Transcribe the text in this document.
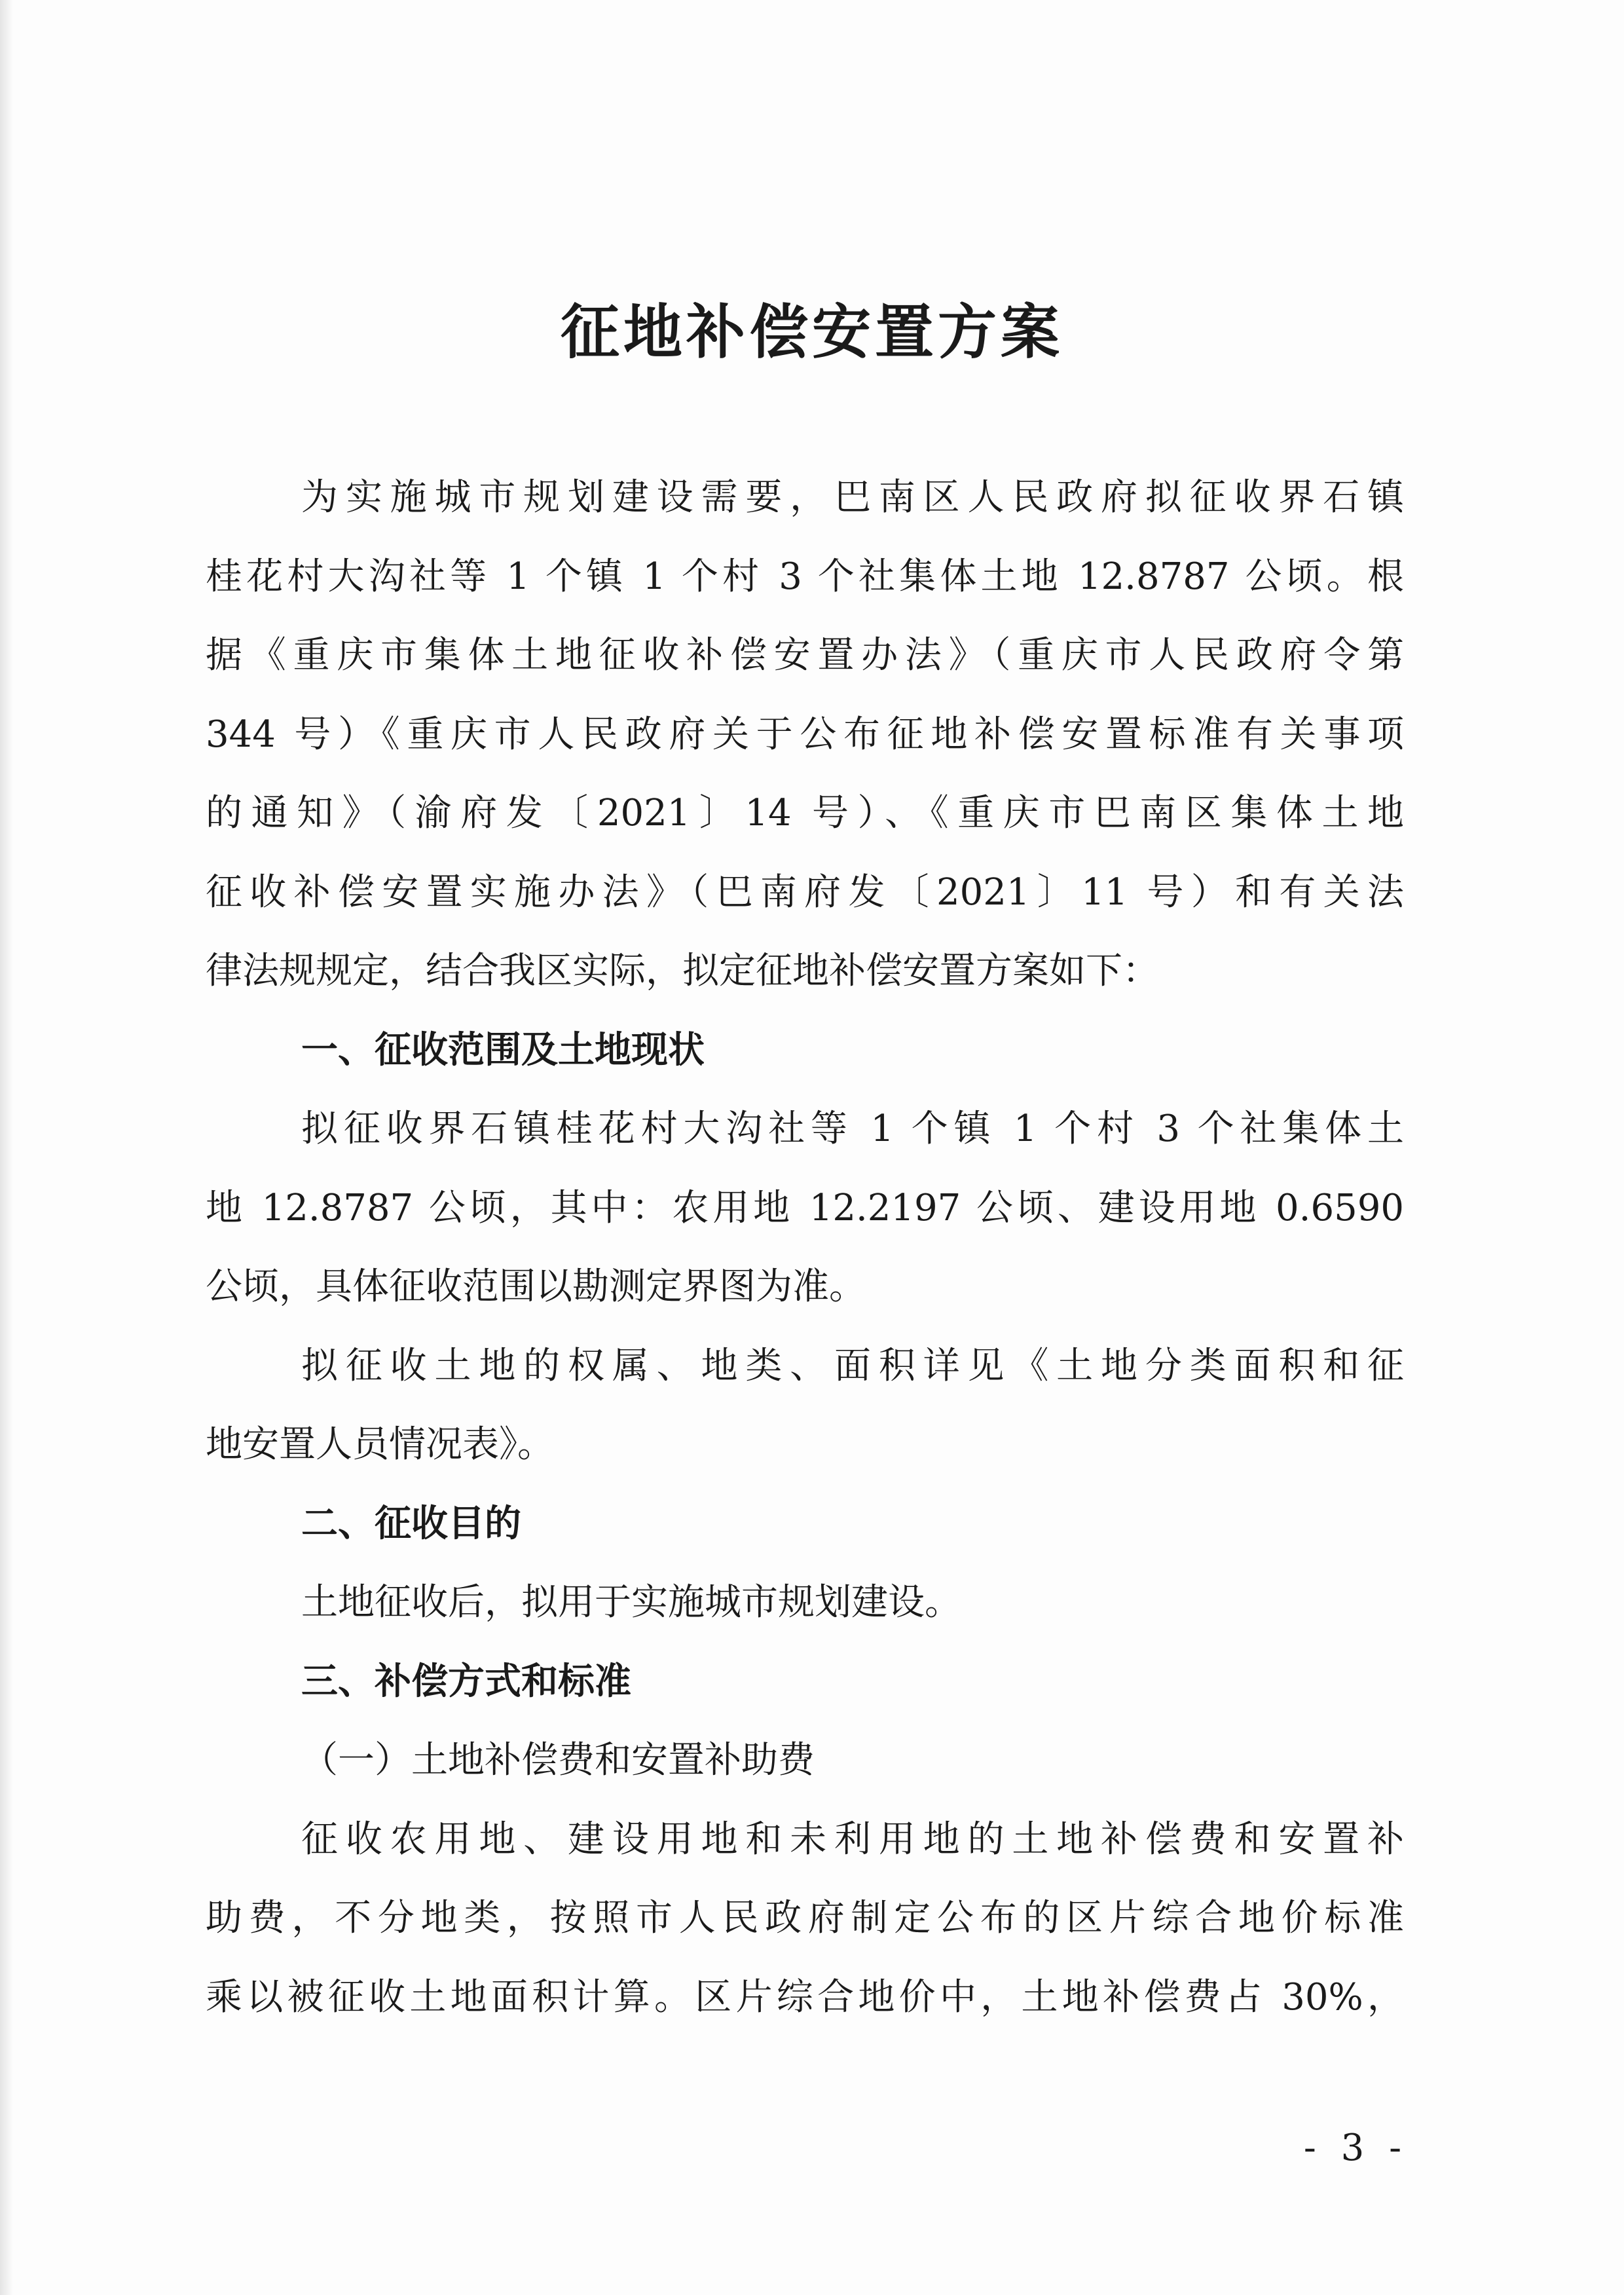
征地补偿安置方案
为实施城市规划建设需要，巴南区人民政府拟征收界石镇
桂花村大沟社等 1 个镇 1 个村 3 个社集体土地 12.8787 公顷。根
据《重庆市集体土地征收补偿安置办法》（重庆市人民政府令第
344 号）《重庆市人民政府关于公布征地补偿安置标准有关事项
的通知》（渝府发〔2021〕14 号）、《重庆市巴南区集体土地
征收补偿安置实施办法》（巴南府发〔2021〕11 号）和有关法
律法规规定，结合我区实际，拟定征地补偿安置方案如下：
一、征收范围及土地现状
拟征收界石镇桂花村大沟社等 1 个镇 1 个村 3 个社集体土
地 12.8787 公顷，其中：农用地 12.2197 公顷、建设用地 0.6590
公顷，具体征收范围以勘测定界图为准。
拟征收土地的权属、地类、面积详见《土地分类面积和征
地安置人员情况表》。
二、征收目的
土地征收后，拟用于实施城市规划建设。
三、补偿方式和标准
（一）土地补偿费和安置补助费
征收农用地、建设用地和未利用地的土地补偿费和安置补
助费，不分地类，按照市人民政府制定公布的区片综合地价标准
乘以被征收土地面积计算。区片综合地价中，土地补偿费占 30%，
- 3 -
